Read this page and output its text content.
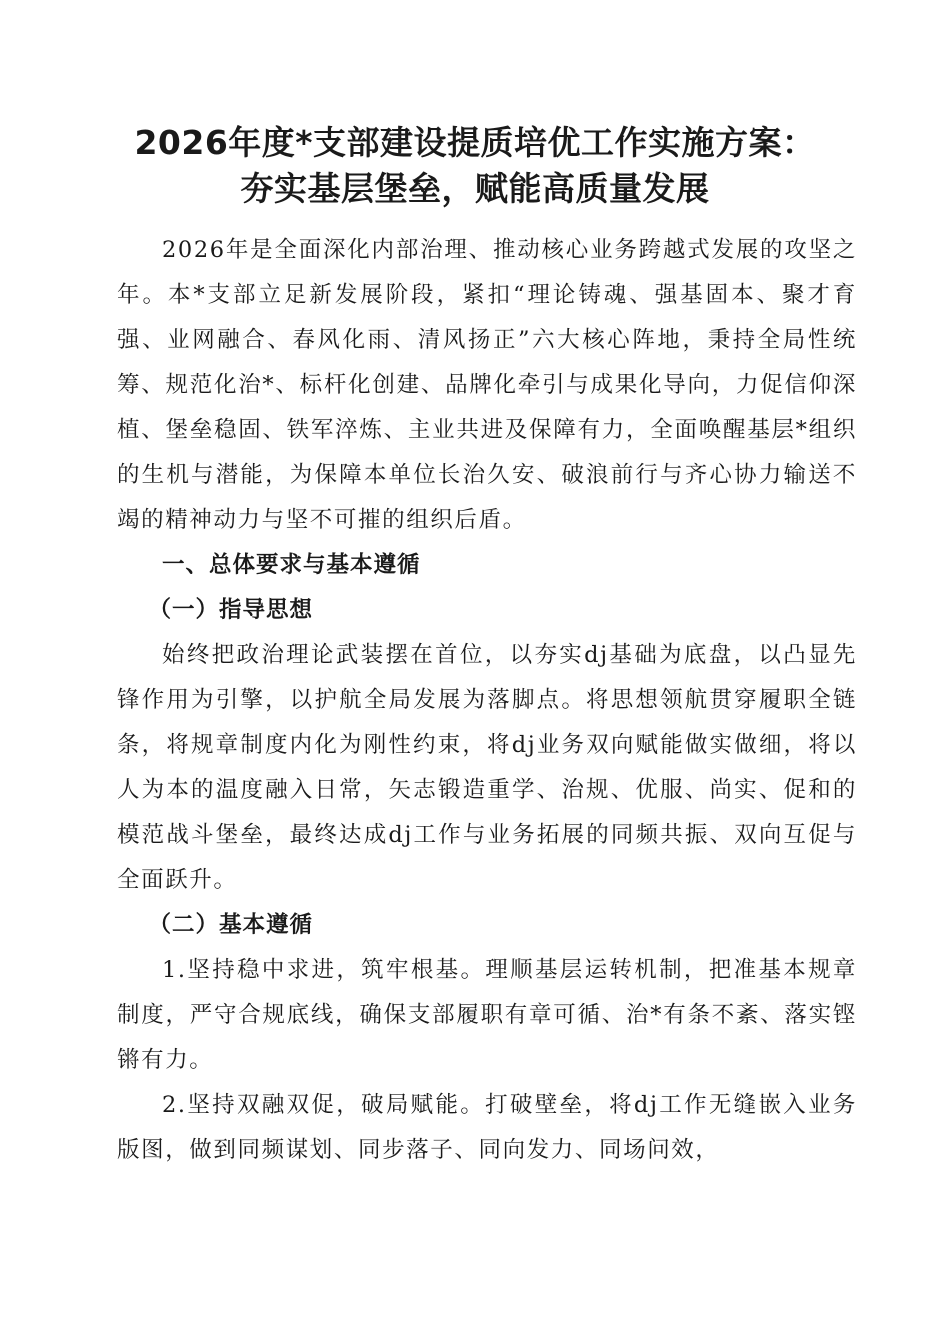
2026年度*支部建设提质培优工作实施方案：
夯实基层堡垒，赋能高质量发展

2026年是全面深化内部治理、推动核心业务跨越式发展的攻坚之年。本*支部立足新发展阶段，紧扣“理论铸魂、强基固本、聚才育强、业网融合、春风化雨、清风扬正”六大核心阵地，秉持全局性统筹、规范化治*、标杆化创建、品牌化牵引与成果化导向，力促信仰深植、堡垒稳固、铁军淬炼、主业共进及保障有力，全面唤醒基层*组织的生机与潜能，为保障本单位长治久安、破浪前行与齐心协力输送不竭的精神动力与坚不可摧的组织后盾。

一、总体要求与基本遵循

（一）指导思想

始终把政治理论武装摆在首位，以夯实dj基础为底盘，以凸显先锋作用为引擎，以护航全局发展为落脚点。将思想领航贯穿履职全链条，将规章制度内化为刚性约束，将dj业务双向赋能做实做细，将以人为本的温度融入日常，矢志锻造重学、治规、优服、尚实、促和的模范战斗堡垒，最终达成dj工作与业务拓展的同频共振、双向互促与全面跃升。

（二）基本遵循

1.坚持稳中求进，筑牢根基。理顺基层运转机制，把准基本规章制度，严守合规底线，确保支部履职有章可循、治*有条不紊、落实铿锵有力。

2.坚持双融双促，破局赋能。打破壁垒，将dj工作无缝嵌入业务版图，做到同频谋划、同步落子、同向发力、同场问效，
